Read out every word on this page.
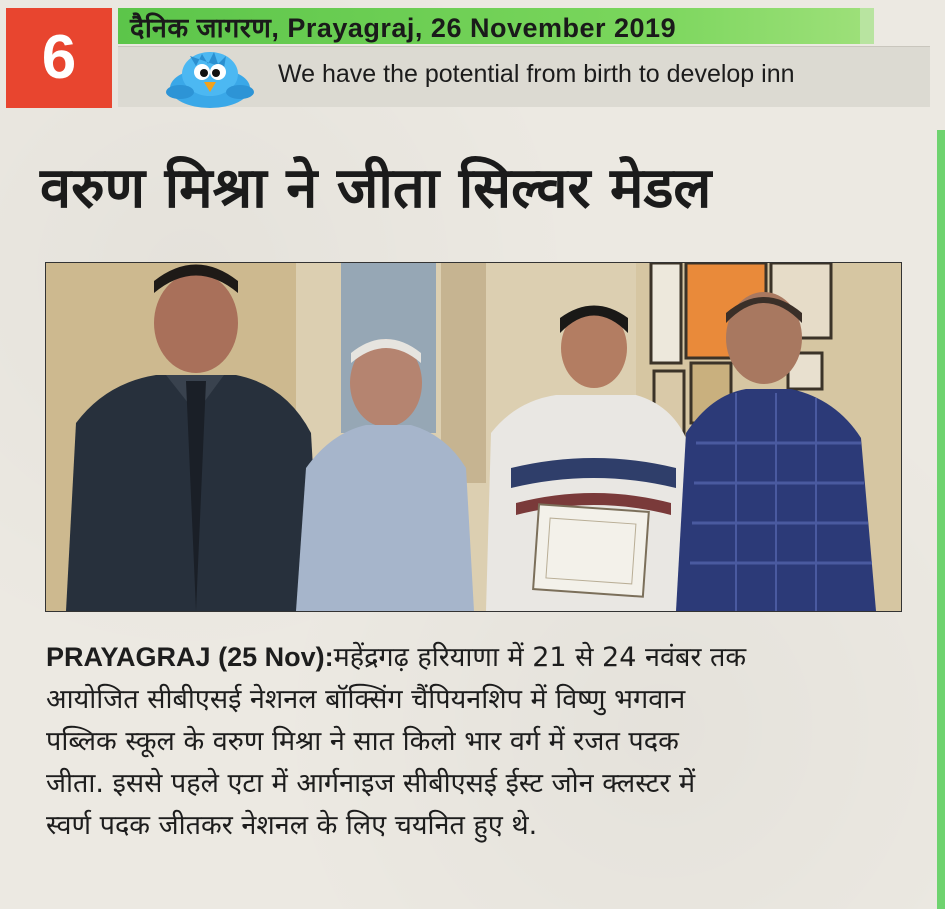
6 दैनिक जागरण, Prayagraj, 26 November 2019
We have the potential from birth to develop inn
वरुण मिश्रा ने जीता सिल्वर मेडल

PRAYAGRAJ (25 Nov):महेंद्रगढ़ हरियाणा में 21 से 24 नवंबर तक

आयोजित सीबीएसई नेशनल बॉक्सिंग चैंपियनशिप में विष्णु भगवान

पब्लिक स्कूल के वरुण मिश्रा ने सात किलो भार वर्ग में रजत पदक

जीता. इससे पहले एटा में आर्गनाइज सीबीएसई ईस्ट जोन क्लस्टर में

स्वर्ण पदक जीतकर नेशनल के लिए चयनित हुए थे.
